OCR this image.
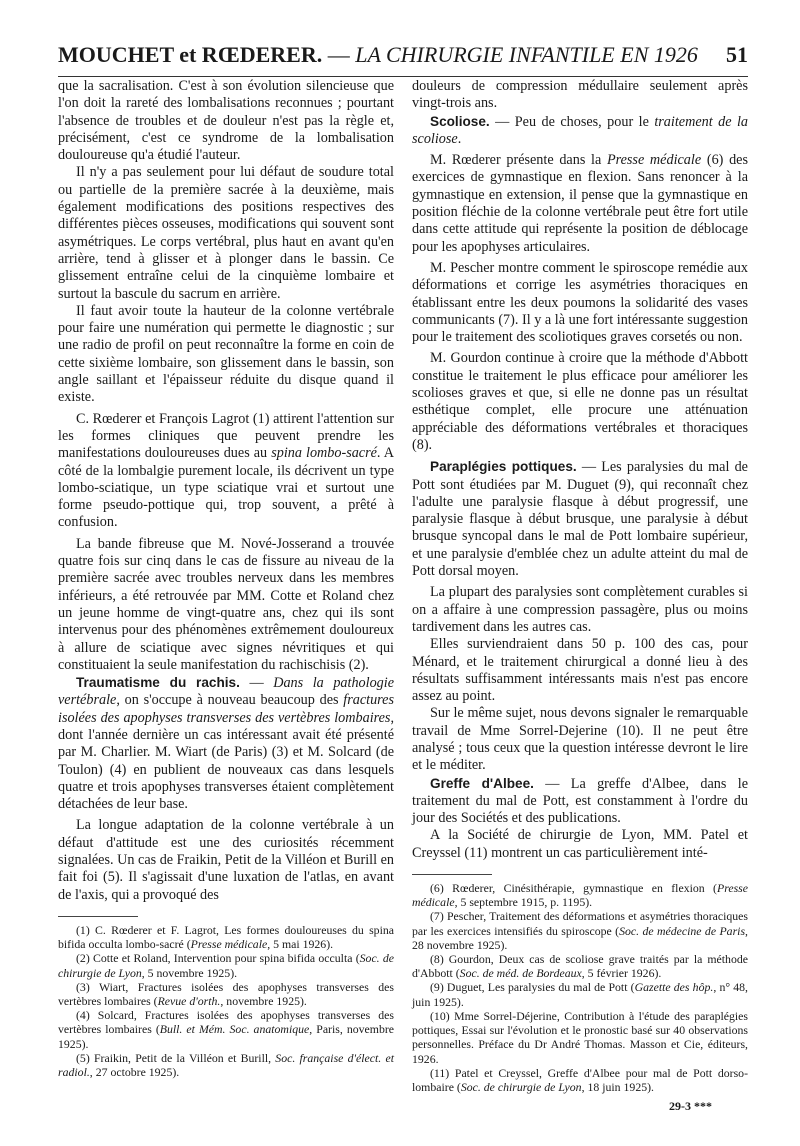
MOUCHET et RŒDERER. — LA CHIRURGIE INFANTILE EN 1926 51

que la sacralisation. C'est à son évolution silencieuse que l'on doit la rareté des lombalisations reconnues ; pourtant l'absence de troubles et de douleur n'est pas la règle et, précisément, c'est ce syndrome de la lombalisation douloureuse qu'a étudié l'auteur.

Il n'y a pas seulement pour lui défaut de soudure total ou partielle de la première sacrée à la deuxième, mais également modifications des positions respectives des différentes pièces osseuses, modifications qui souvent sont asymétriques. Le corps vertébral, plus haut en avant qu'en arrière, tend à glisser et à plonger dans le bassin. Ce glissement entraîne celui de la cinquième lombaire et surtout la bascule du sacrum en arrière.

Il faut avoir toute la hauteur de la colonne vertébrale pour faire une numération qui permette le diagnostic ; sur une radio de profil on peut reconnaître la forme en coin de cette sixième lombaire, son glissement dans le bassin, son angle saillant et l'épaisseur réduite du disque quand il existe.

C. Rœderer et François Lagrot (1) attirent l'attention sur les formes cliniques que peuvent prendre les manifestations douloureuses dues au spina lombo-sacré. A côté de la lombalgie purement locale, ils décrivent un type lombo-sciatique, un type sciatique vrai et surtout une forme pseudo-pottique qui, trop souvent, a prêté à confusion.

La bande fibreuse que M. Nové-Josserand a trouvée quatre fois sur cinq dans le cas de fissure au niveau de la première sacrée avec troubles nerveux dans les membres inférieurs, a été retrouvée par MM. Cotte et Roland chez un jeune homme de vingt-quatre ans, chez qui ils sont intervenus pour des phénomènes extrêmement douloureux à allure de sciatique avec signes névritiques et qui constituaient la seule manifestation du rachischisis (2).

Traumatisme du rachis. — Dans la pathologie vertébrale, on s'occupe à nouveau beaucoup des fractures isolées des apophyses transverses des vertèbres lombaires, dont l'année dernière un cas intéressant avait été présenté par M. Charlier. M. Wiart (de Paris) (3) et M. Solcard (de Toulon) (4) en publient de nouveaux cas dans lesquels quatre et trois apophyses transverses étaient complètement détachées de leur base.

La longue adaptation de la colonne vertébrale à un défaut d'attitude est une des curiosités récemment signalées. Un cas de Fraikin, Petit de la Villéon et Burill en fait foi (5). Il s'agissait d'une luxation de l'atlas, en avant de l'axis, qui a provoqué des

(1) C. Rœderer et F. Lagrot, Les formes douloureuses du spina bifida occulta lombo-sacré (Presse médicale, 5 mai 1926).

(2) Cotte et Roland, Intervention pour spina bifida occulta (Soc. de chirurgie de Lyon, 5 novembre 1925).

(3) Wiart, Fractures isolées des apophyses transverses des vertèbres lombaires (Revue d'orth., novembre 1925).

(4) Solcard, Fractures isolées des apophyses transverses des vertèbres lombaires (Bull. et Mém. Soc. anatomique, Paris, novembre 1925).

(5) Fraikin, Petit de la Villéon et Burill, Soc. française d'élect. et radiol., 27 octobre 1925).

douleurs de compression médullaire seulement après vingt-trois ans.

Scoliose. — Peu de choses, pour le traitement de la scoliose.

M. Rœderer présente dans la Presse médicale (6) des exercices de gymnastique en flexion. Sans renoncer à la gymnastique en extension, il pense que la gymnastique en position fléchie de la colonne vertébrale peut être fort utile dans cette attitude qui représente la position de déblocage pour les apophyses articulaires.

M. Pescher montre comment le spiroscope remédie aux déformations et corrige les asymétries thoraciques en établissant entre les deux poumons la solidarité des vases communicants (7). Il y a là une fort intéressante suggestion pour le traitement des scoliotiques graves corsetés ou non.

M. Gourdon continue à croire que la méthode d'Abbott constitue le traitement le plus efficace pour améliorer les scolioses graves et que, si elle ne donne pas un résultat esthétique complet, elle procure une atténuation appréciable des déformations vertébrales et thoraciques (8).

Paraplégies pottiques. — Les paralysies du mal de Pott sont étudiées par M. Duguet (9), qui reconnaît chez l'adulte une paralysie flasque à début progressif, une paralysie flasque à début brusque, une paralysie à début brusque syncopal dans le mal de Pott lombaire supérieur, et une paralysie d'emblée chez un adulte atteint du mal de Pott dorsal moyen.

La plupart des paralysies sont complètement curables si on a affaire à une compression passagère, plus ou moins tardivement dans les autres cas.

Elles surviendraient dans 50 p. 100 des cas, pour Ménard, et le traitement chirurgical a donné lieu à des résultats suffisamment intéressants mais n'est pas encore assez au point.

Sur le même sujet, nous devons signaler le remarquable travail de Mme Sorrel-Dejerine (10). Il ne peut être analysé ; tous ceux que la question intéresse devront le lire et le méditer.

Greffe d'Albee. — La greffe d'Albee, dans le traitement du mal de Pott, est constamment à l'ordre du jour des Sociétés et des publications.

A la Société de chirurgie de Lyon, MM. Patel et Creyssel (11) montrent un cas particulièrement inté-

(6) Rœderer, Cinésithérapie, gymnastique en flexion (Presse médicale, 5 septembre 1915, p. 1195).

(7) Pescher, Traitement des déformations et asymétries thoraciques par les exercices intensifiés du spiroscope (Soc. de médecine de Paris, 28 novembre 1925).

(8) Gourdon, Deux cas de scoliose grave traités par la méthode d'Abbott (Soc. de méd. de Bordeaux, 5 février 1926).

(9) Duguet, Les paralysies du mal de Pott (Gazette des hôp., n° 48, juin 1925).

(10) Mme Sorrel-Déjerine, Contribution à l'étude des paraplégies pottiques, Essai sur l'évolution et le pronostic basé sur 40 observations personnelles. Préface du Dr André Thomas. Masson et Cie, éditeurs, 1926.

(11) Patel et Creyssel, Greffe d'Albee pour mal de Pott dorso-lombaire (Soc. de chirurgie de Lyon, 18 juin 1925).

29-3 ***
